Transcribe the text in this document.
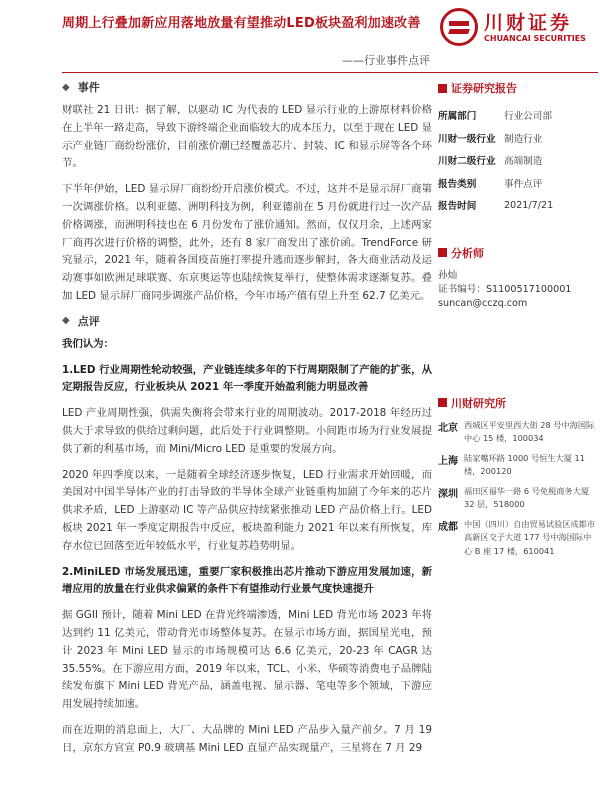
周期上行叠加新应用落地放量有望推动LED板块盈利加速改善
——行业事件点评
川财证券
CHUANCAI SECURITIES
◆ 事件

财联社 21 日讯：据了解，以驱动 IC 为代表的 LED 显示行业的上游原材料价格在上半年一路走高，导致下游终端企业面临较大的成本压力，以至于现在 LED 显示产业链厂商纷纷涨价，目前涨价潮已经覆盖芯片、封装、IC 和显示屏等各个环节。

下半年伊始，LED 显示屏厂商纷纷开启涨价模式。不过，这并不是显示屏厂商第一次调涨价格。以利亚德、洲明科技为例，利亚德前在 5 月份就进行过一次产品价格调涨，而洲明科技也在 6 月份发布了涨价通知。然而，仅仅月余，上述两家厂商再次进行价格的调整，此外，还有 8 家厂商发出了涨价函。TrendForce 研究显示，2021 年，随着各国疫苗施打率提升逃而逐步解封，各大商业活动及运动赛事如欧洲足球联赛、东京奥运等也陆续恢复举行，使整体需求逐渐复苏。叠加 LED 显示屏厂商同步调涨产品价格，今年市场产值有望上升至 62.7 亿美元。

◆ 点评

我们认为：

1.LED 行业周期性轮动较强，产业链连续多年的下行周期限制了产能的扩张，从定期报告反应，行业板块从 2021 年一季度开始盈利能力明显改善

LED 产业周期性强，供需失衡将会带来行业的周期波动。2017-2018 年经历过供大于求导致的供给过剩问题，此后处于行业调整期。小间距市场为行业发展提供了新的利基市场，而 Mini/Micro LED 是重要的发展方向。

2020 年四季度以来，一是随着全球经济逐步恢复，LED 行业需求开始回暖，而美国对中国半导体产业的打击导致的半导体全球产业链重构加剧了今年来的芯片供求矛盾，LED 上游驱动 IC 等产品供应持续紧张推动 LED 产品价格上行。LED 板块 2021 年一季度定期报告中反应，板块盈利能力 2021 年以来有所恢复，库存水位已回落至近年较低水平，行业复苏趋势明显。

2.MiniLED 市场发展迅速，重要厂家积极推出芯片推动下游应用发展加速，新增应用的放量在行业供求偏紧的条件下有望推动行业景气度快速提升

据 GGII 预计，随着 Mini LED 在背光终端渗透，Mini LED 背光市场 2023 年将达到约 11 亿美元，带动背光市场整体复苏。在显示市场方面，据国星光电，预计 2023 年 Mini LED 显示的市场规模可达 6.6 亿美元，20-23 年 CAGR 达 35.55%。在下游应用方面，2019 年以来，TCL、小米、华硕等消费电子品牌陆续发布旗下 Mini LED 背光产品，涵盖电视、显示器、笔电等多个领域，下游应用发展持续加速。

而在近期的消息面上，大厂、大品牌的 Mini LED 产品步入量产前夕。7 月 19 日，京东方官宣 P0.9 玻璃基 Mini LED 直显产品实现量产，三星将在 7 月 29

证券研究报告
所属部门	行业公司部
川财一级行业 制造行业
川财二级行业 高端制造
报告类别	事件点评
报告时间	2021/7/21
分析师
孙灿
证书编号：S1100517100001
suncan@cczq.com
川财研究所
北京 西城区平安里西大街 28 号中海国际中心 15 楼，100034
上海 陆家嘴环路 1000 号恒生大厦 11 楼，200120
深圳 福田区福华一路 6 号免税商务大厦 32 层，518000
成都 中国（四川）自由贸易试验区成都市高新区交子大道 177 号中海国际中心 B 座 17 楼，610041
